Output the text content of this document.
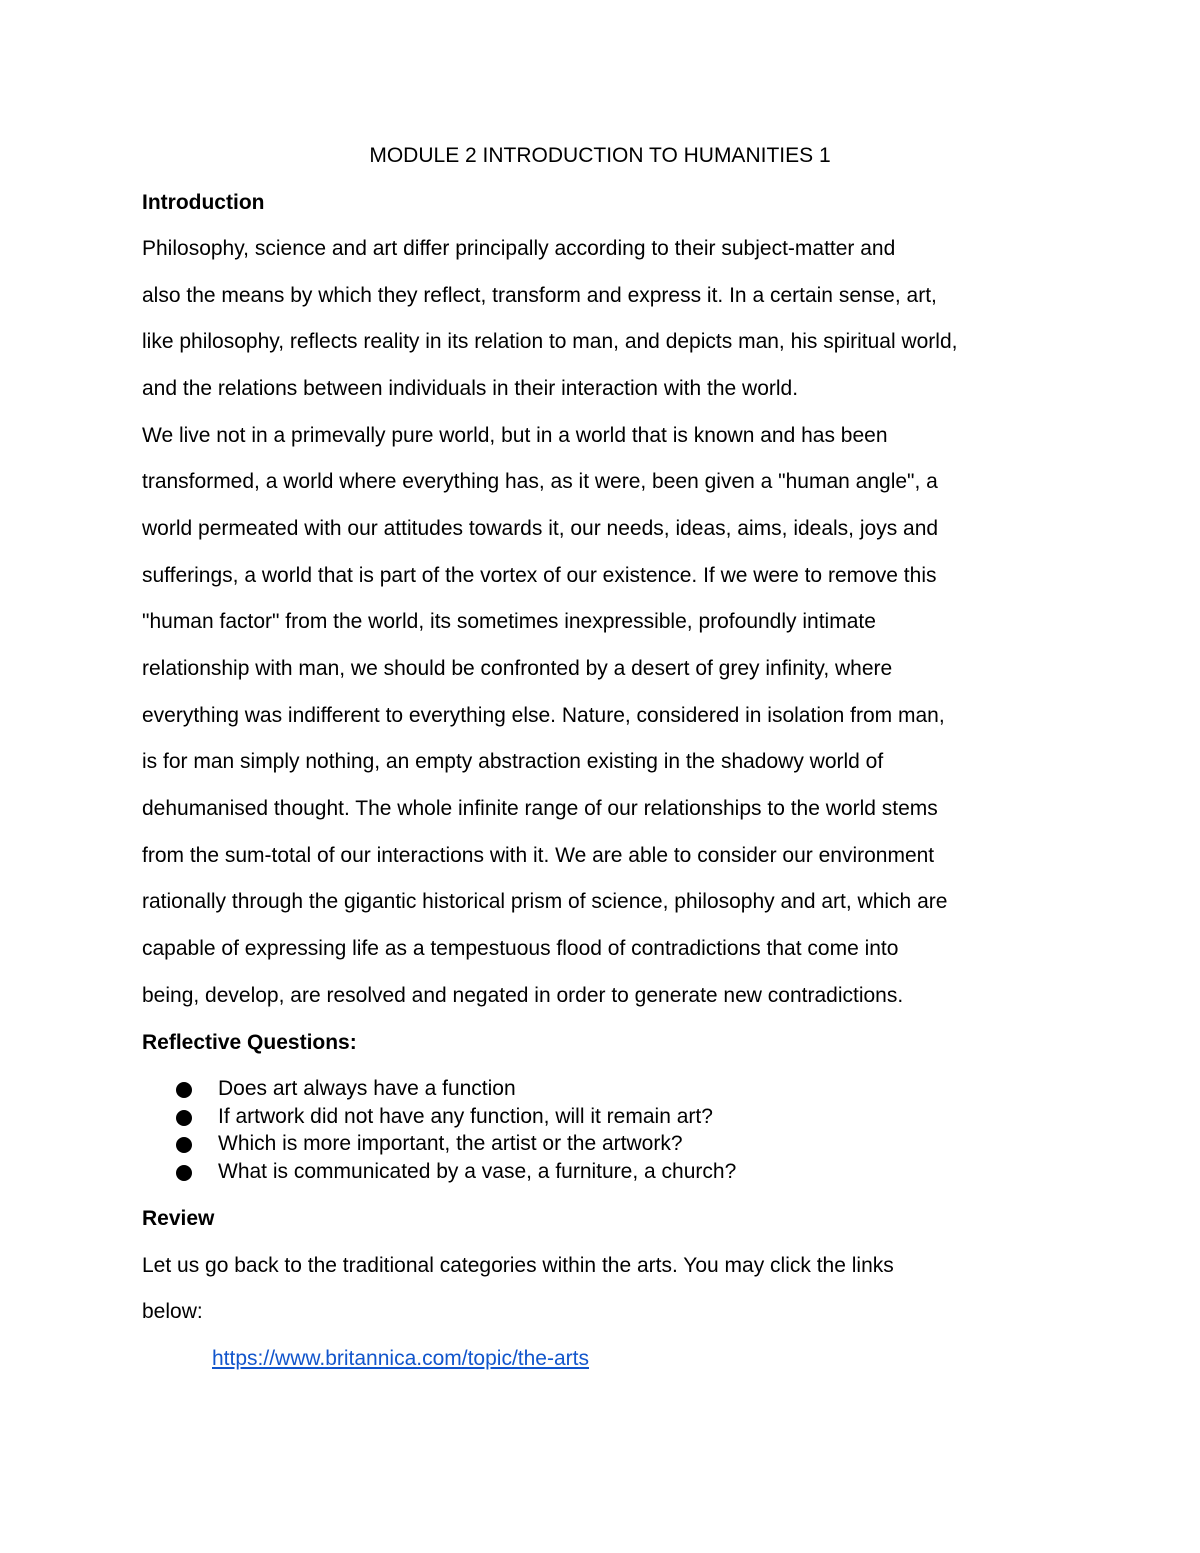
MODULE 2 INTRODUCTION TO HUMANITIES 1
Introduction

Philosophy, science and art differ principally according to their subject-matter and

also the means by which they reflect, transform and express it. In a certain sense, art,

like philosophy, reflects reality in its relation to man, and depicts man, his spiritual world,

and the relations between individuals in their interaction with the world.

We live not in a primevally pure world, but in a world that is known and has been

transformed, a world where everything has, as it were, been given a "human angle", a

world permeated with our attitudes towards it, our needs, ideas, aims, ideals, joys and

sufferings, a world that is part of the vortex of our existence. If we were to remove this

"human factor" from the world, its sometimes inexpressible, profoundly intimate

relationship with man, we should be confronted by a desert of grey infinity, where

everything was indifferent to everything else. Nature, considered in isolation from man,

is for man simply nothing, an empty abstraction existing in the shadowy world of

dehumanised thought. The whole infinite range of our relationships to the world stems

from the sum-total of our interactions with it. We are able to consider our environment

rationally through the gigantic historical prism of science, philosophy and art, which are

capable of expressing life as a tempestuous flood of contradictions that come into

being, develop, are resolved and negated in order to generate new contradictions.

Reflective Questions:
Does art always have a function
If artwork did not have any function, will it remain art?
Which is more important, the artist or the artwork?
What is communicated by a vase, a furniture, a church?
Review

Let us go back to the traditional categories within the arts. You may click the links

below:

https://www.britannica.com/topic/the-arts
